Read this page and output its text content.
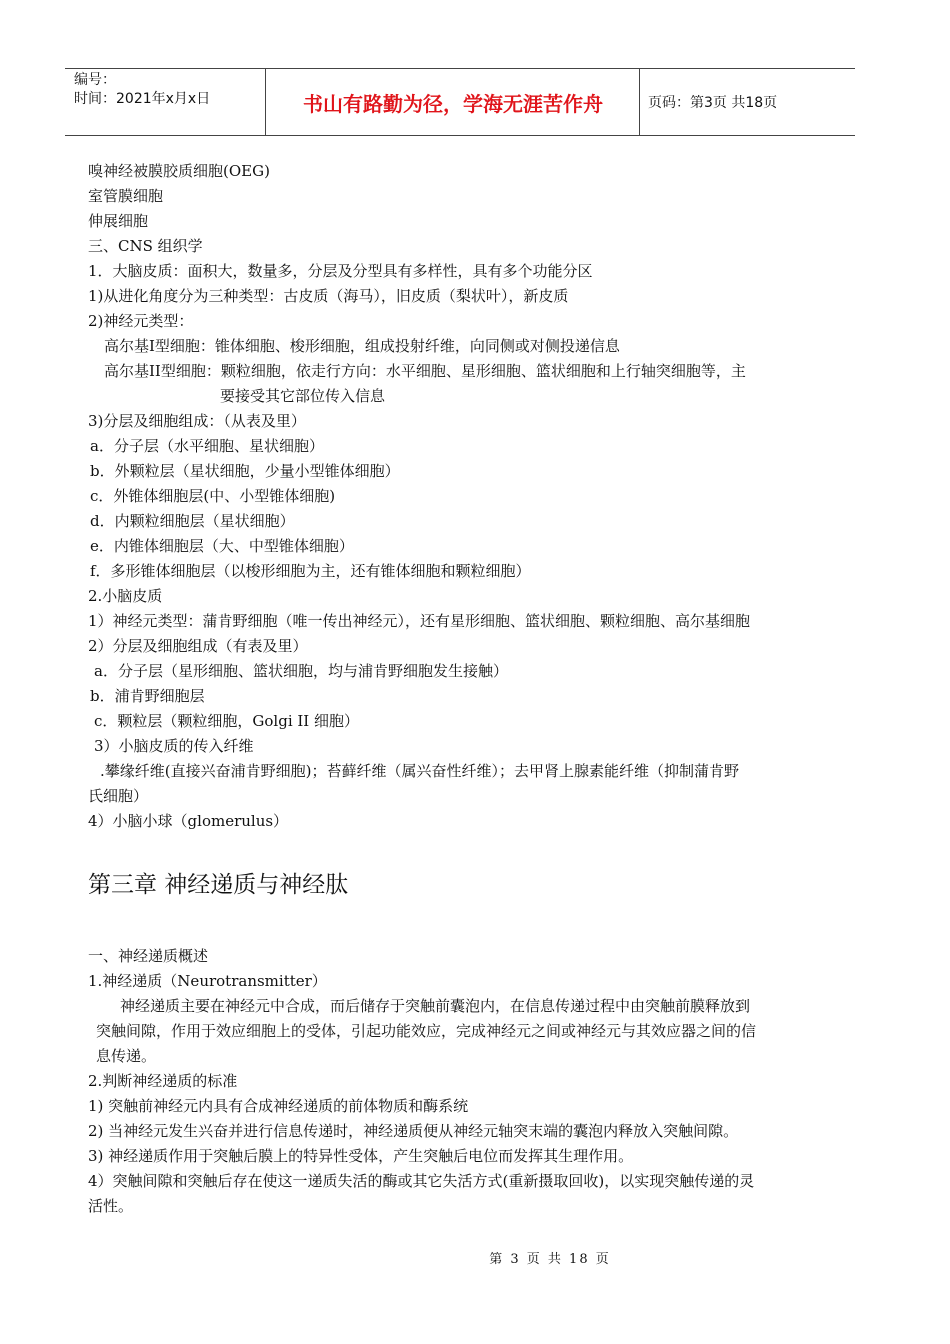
编号：
时间：2021年x月x日	书山有路勤为径，学海无涯苦作舟	页码：第3页 共18页
嗅神经被膜胶质细胞(OEG)
室管膜细胞
伸展细胞
三、CNS 组织学
1．大脑皮质：面积大，数量多，分层及分型具有多样性，具有多个功能分区
1)从进化角度分为三种类型：古皮质（海马），旧皮质（梨状叶），新皮质
2)神经元类型：
高尔基I型细胞：锥体细胞、梭形细胞，组成投射纤维，向同侧或对侧投递信息
高尔基II型细胞：颗粒细胞，依走行方向：水平细胞、星形细胞、篮状细胞和上行轴突细胞等，主
要接受其它部位传入信息
3)分层及细胞组成：（从表及里）
a．分子层（水平细胞、星状细胞）
b．外颗粒层（星状细胞，少量小型锥体细胞）
c．外锥体细胞层(中、小型锥体细胞)
d．内颗粒细胞层（星状细胞）
e．内锥体细胞层（大、中型锥体细胞）
f．多形锥体细胞层（以梭形细胞为主，还有锥体细胞和颗粒细胞）
2.小脑皮质
1）神经元类型：蒲肯野细胞（唯一传出神经元），还有星形细胞、篮状细胞、颗粒细胞、高尔基细胞
2）分层及细胞组成（有表及里）
a．分子层（星形细胞、篮状细胞，均与浦肯野细胞发生接触）
b．浦肯野细胞层
c．颗粒层（颗粒细胞，Golgi II 细胞）
3）小脑皮质的传入纤维
.攀缘纤维(直接兴奋浦肯野细胞)；苔藓纤维（属兴奋性纤维）；去甲肾上腺素能纤维（抑制蒲肯野
氏细胞）
4）小脑小球（glomerulus）
第三章 神经递质与神经肽
一、神经递质概述
1.神经递质（Neurotransmitter）
神经递质主要在神经元中合成，而后储存于突触前囊泡内，在信息传递过程中由突触前膜释放到
突触间隙，作用于效应细胞上的受体，引起功能效应，完成神经元之间或神经元与其效应器之间的信
息传递。
2.判断神经递质的标准
1) 突触前神经元内具有合成神经递质的前体物质和酶系统
2) 当神经元发生兴奋并进行信息传递时，神经递质便从神经元轴突末端的囊泡内释放入突触间隙。
3) 神经递质作用于突触后膜上的特异性受体，产生突触后电位而发挥其生理作用。
4）突触间隙和突触后存在使这一递质失活的酶或其它失活方式(重新摄取回收)，以实现突触传递的灵
活性。
第 3 页 共 18 页
